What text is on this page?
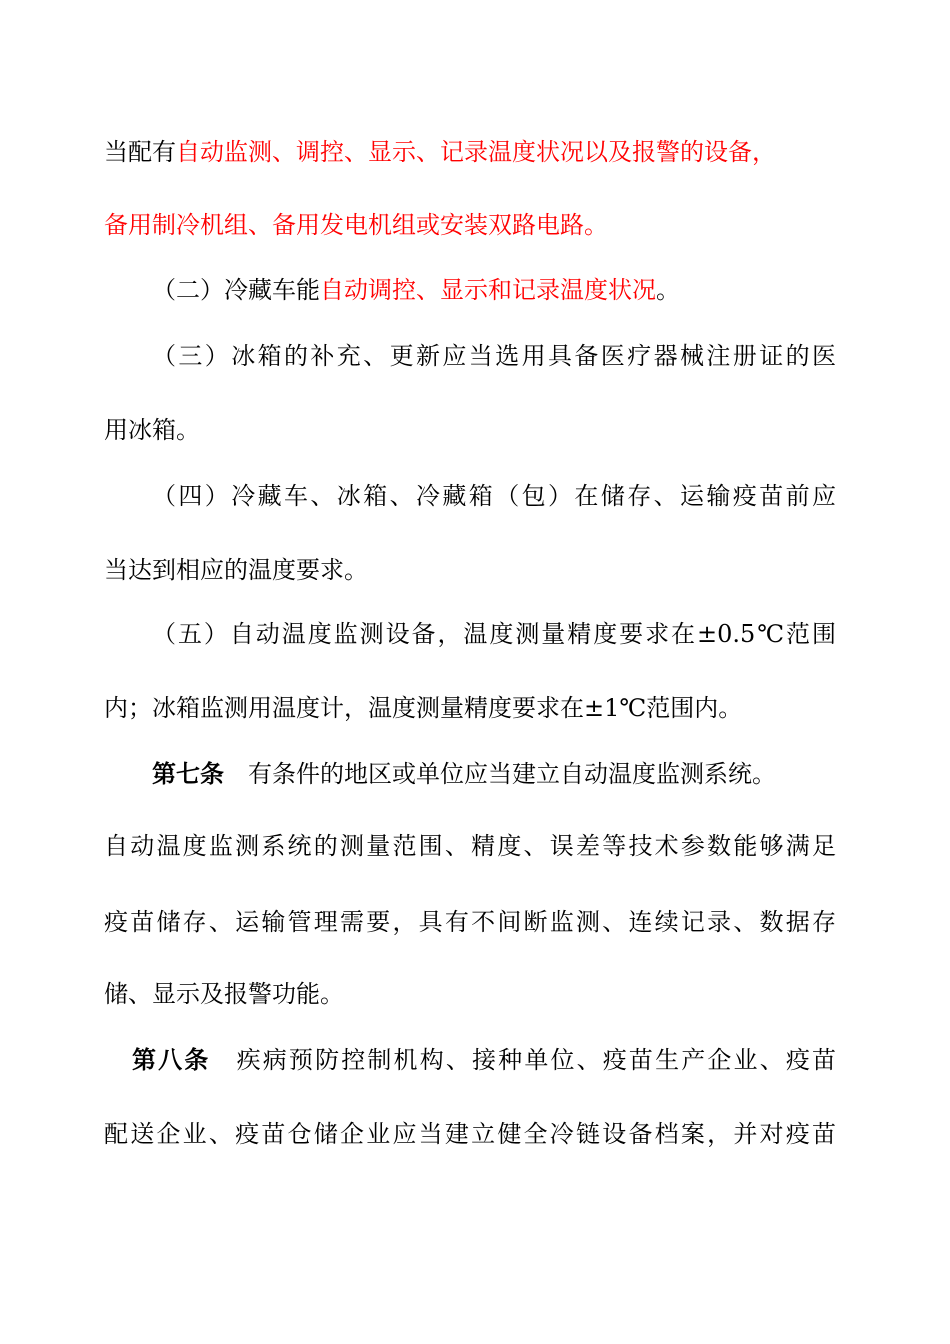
当配有自动监测、调控、显示、记录温度状况以及报警的设备，
备用制冷机组、备用发电机组或安装双路电路。
（二）冷藏车能自动调控、显示和记录温度状况。
（三）冰箱的补充、更新应当选用具备医疗器械注册证的医
用冰箱。
（四）冷藏车、冰箱、冷藏箱（包）在储存、运输疫苗前应
当达到相应的温度要求。
（五）自动温度监测设备，温度测量精度要求在±0.5℃范围
内；冰箱监测用温度计，温度测量精度要求在±1℃范围内。
第七条　有条件的地区或单位应当建立自动温度监测系统。
自动温度监测系统的测量范围、精度、误差等技术参数能够满足
疫苗储存、运输管理需要，具有不间断监测、连续记录、数据存
储、显示及报警功能。
第八条　疾病预防控制机构、接种单位、疫苗生产企业、疫苗
配送企业、疫苗仓储企业应当建立健全冷链设备档案，并对疫苗
